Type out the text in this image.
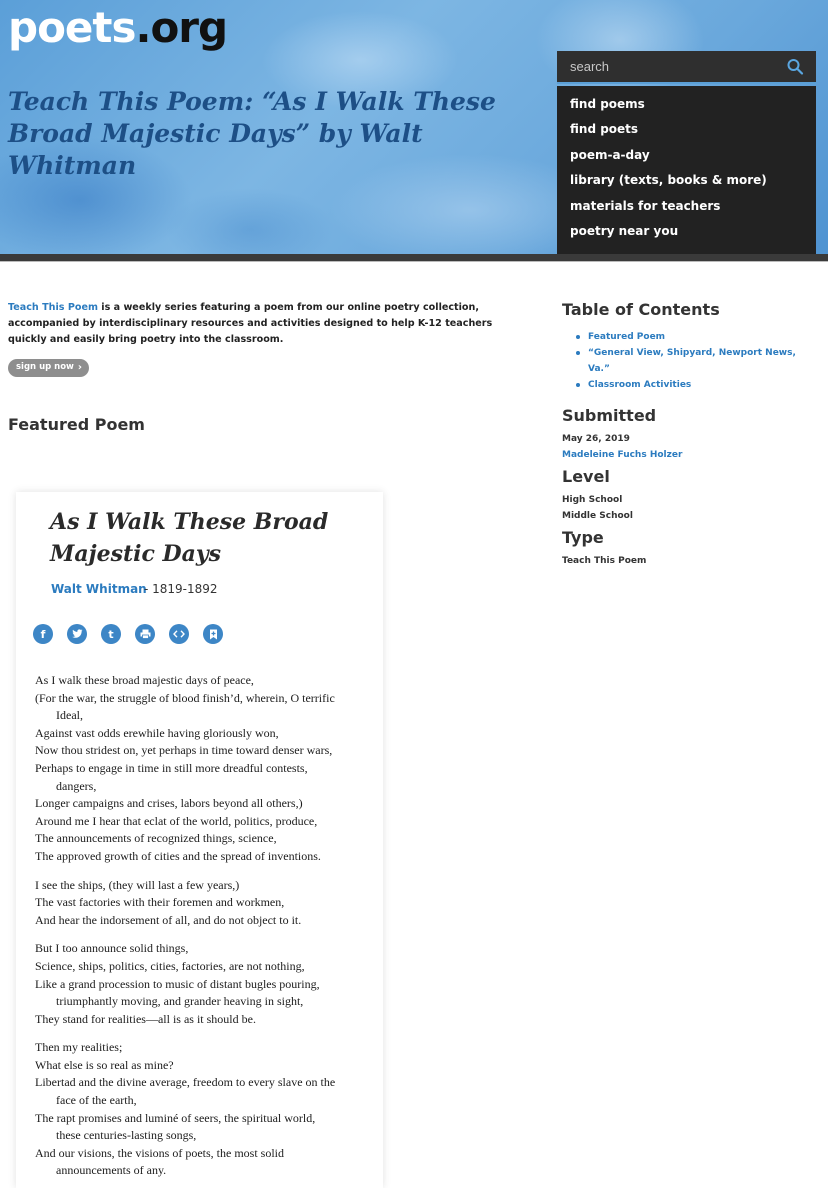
poets.org
Teach This Poem: “As I Walk These Broad Majestic Days” by Walt Whitman
search
find poems
find poets
poem-a-day
library (texts, books & more)
materials for teachers
poetry near you

Teach This Poem is a weekly series featuring a poem from our online poetry collection, accompanied by interdisciplinary resources and activities designed to help K-12 teachers quickly and easily bring poetry into the classroom.

sign up now ›
Featured Poem
As I Walk These Broad Majestic Days
Walt Whitman
- 1819-1892
f	t
As I walk these broad majestic days of peace,
(For the war, the struggle of blood finish’d, wherein, O terrific
Ideal,
Against vast odds erewhile having gloriously won,
Now thou stridest on, yet perhaps in time toward denser wars,
Perhaps to engage in time in still more dreadful contests,
dangers,
Longer campaigns and crises, labors beyond all others,)
Around me I hear that eclat of the world, politics, produce,
The announcements of recognized things, science,
The approved growth of cities and the spread of inventions.
I see the ships, (they will last a few years,)
The vast factories with their foremen and workmen,
And hear the indorsement of all, and do not object to it.
But I too announce solid things,
Science, ships, politics, cities, factories, are not nothing,
Like a grand procession to music of distant bugles pouring,
triumphantly moving, and grander heaving in sight,
They stand for realities—all is as it should be.
Then my realities;
What else is so real as mine?
Libertad and the divine average, freedom to every slave on the
face of the earth,
The rapt promises and luminé of seers, the spiritual world,
these centuries-lasting songs,
And our visions, the visions of poets, the most solid
announcements of any.
Table of Contents
Featured Poem
“General View, Shipyard, Newport News, Va.”
Classroom Activities
Submitted
May 26, 2019
Madeleine Fuchs Holzer
Level
High School
Middle School
Type
Teach This Poem
